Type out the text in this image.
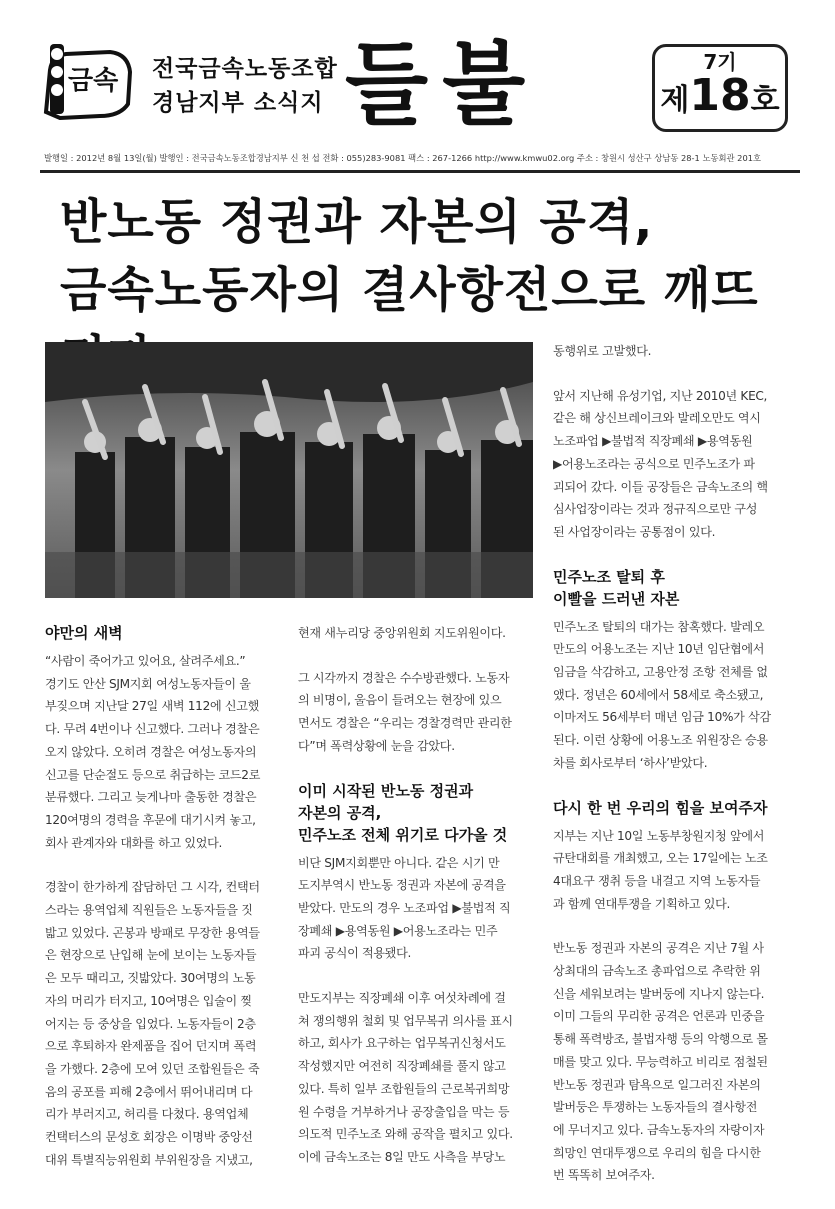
금속 전국금속노동조합
경남지부 소식지 들불	7기
제18호
발행일 : 2012년 8월 13일(월) 발행인 : 전국금속노동조합경남지부 신 천 섭 전화 : 055)283-9081 팩스 : 267-1266 http://www.kmwu02.org 주소 : 창원시 성산구 상남동 28-1 노동회관 201호
반노동 정권과 자본의 공격,
금속노동자의 결사항전으로 깨뜨
야만의 새벽

“사람이 죽어가고 있어요, 살려주세요.”
경기도 안산 SJM지회 여성노동자들이 울
부짖으며 지난달 27일 새벽 112에 신고했
다. 무려 4번이나 신고했다. 그러나 경찰은
오지 않았다. 오히려 경찰은 여성노동자의
신고를 단순절도 등으로 취급하는 코드2로
분류했다. 그리고 늦게나마 출동한 경찰은
120여명의 경력을 후문에 대기시켜 놓고,
회사 관계자와 대화를 하고 있었다.

경찰이 한가하게 잡담하던 그 시각, 컨택터
스라는 용역업체 직원들은 노동자들을 짓
밟고 있었다. 곤봉과 방패로 무장한 용역들
은 현장으로 난입해 눈에 보이는 노동자들
은 모두 때리고, 짓밟았다. 30여명의 노동
자의 머리가 터지고, 10여명은 입술이 찢
어지는 등 중상을 입었다. 노동자들이 2층
으로 후퇴하자 완제품을 집어 던지며 폭력
을 가했다. 2층에 모여 있던 조합원들은 죽
음의 공포를 피해 2층에서 뛰어내리며 다
리가 부러지고, 허리를 다쳤다. 용역업체
컨택터스의 문성호 회장은 이명박 중앙선
대위 특별직능위원회 부위원장을 지냈고,

현재 새누리당 중앙위원회 지도위원이다.

그 시각까지 경찰은 수수방관했다. 노동자
의 비명이, 울음이 들려오는 현장에 있으
면서도 경찰은 “우리는 경찰경력만 관리한
다”며 폭력상황에 눈을 감았다.

이미 시작된 반노동 정권과
자본의 공격,
민주노조 전체 위기로 다가올 것

비단 SJM지회뿐만 아니다. 같은 시기 만
도지부역시 반노동 정권과 자본에 공격을
받았다. 만도의 경우 노조파업 ▶불법적 직
장폐쇄 ▶용역동원 ▶어용노조라는 민주
파괴 공식이 적용됐다.

만도지부는 직장폐쇄 이후 여섯차례에 걸
쳐 쟁의행위 철회 및 업무복귀 의사를 표시
하고, 회사가 요구하는 업무복귀신청서도
작성했지만 여전히 직장폐쇄를 풀지 않고
있다. 특히 일부 조합원들의 근로복귀희망
원 수령을 거부하거나 공장출입을 막는 등
의도적 민주노조 와해 공작을 펼치고 있다.
이에 금속노조는 8일 만도 사측을 부당노

동행위로 고발했다.

앞서 지난해 유성기업, 지난 2010년 KEC,
같은 해 상신브레이크와 발레오만도 역시
노조파업 ▶불법적 직장폐쇄 ▶용역동원
▶어용노조라는 공식으로 민주노조가 파
괴되어 갔다. 이들 공장들은 금속노조의 핵
심사업장이라는 것과 정규직으로만 구성
된 사업장이라는 공통점이 있다.

민주노조 탈퇴 후
이빨을 드러낸 자본

민주노조 탈퇴의 대가는 참혹했다. 발레오
만도의 어용노조는 지난 10년 임단협에서
임금을 삭감하고, 고용안정 조항 전체를 없
앴다. 정년은 60세에서 58세로 축소됐고,
이마저도 56세부터 매년 임금 10%가 삭감
된다. 이런 상황에 어용노조 위원장은 승용
차를 회사로부터 ‘하사’받았다.

다시 한 번 우리의 힘을 보여주자

지부는 지난 10일 노동부창원지청 앞에서
규탄대회를 개최했고, 오는 17일에는 노조
4대요구 쟁취 등을 내걸고 지역 노동자들
과 함께 연대투쟁을 기획하고 있다.

반노동 정권과 자본의 공격은 지난 7월 사
상최대의 금속노조 총파업으로 추락한 위
신을 세워보려는 발버둥에 지나지 않는다.
이미 그들의 무리한 공격은 언론과 민중을
통해 폭력방조, 불법자행 등의 악행으로 몰
매를 맞고 있다. 무능력하고 비리로 점철된
반노동 정권과 탐욕으로 일그러진 자본의
발버둥은 투쟁하는 노동자들의 결사항전
에 무너지고 있다. 금속노동자의 자랑이자
희망인 연대투쟁으로 우리의 힘을 다시한
번 똑똑히 보여주자.
